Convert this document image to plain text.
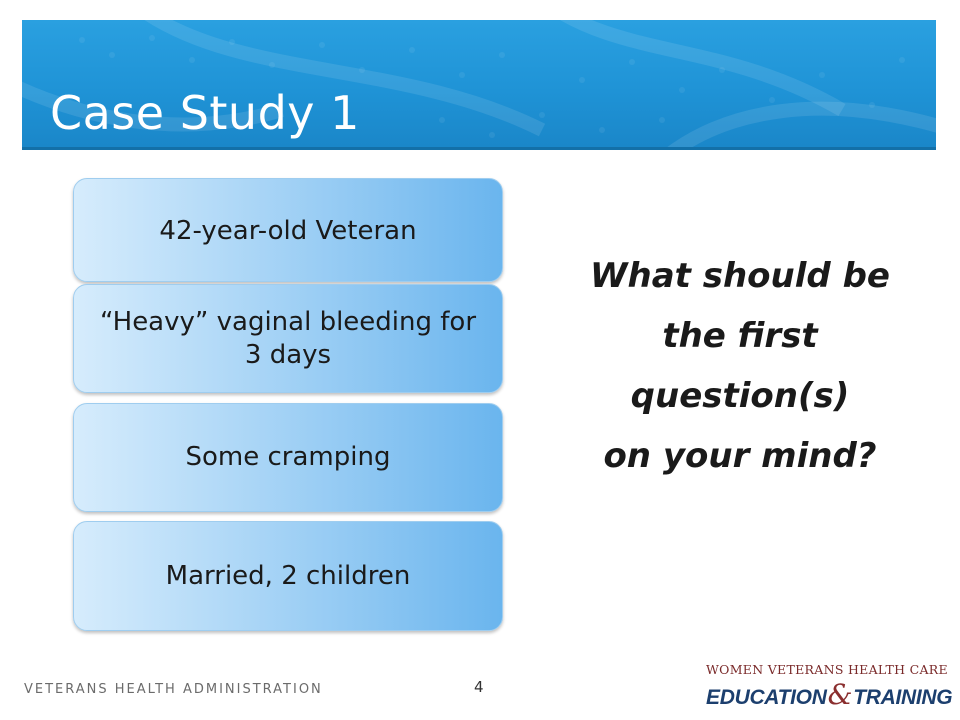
Case Study 1
42-year-old Veteran
“Heavy” vaginal bleeding for 3 days
Some cramping
Married, 2 children

What should be
the first
question(s)
on your mind?

VETERANS HEALTH ADMINISTRATION	4
WOMEN VETERANS HEALTH CARE
EDUCATION&TRAINING
